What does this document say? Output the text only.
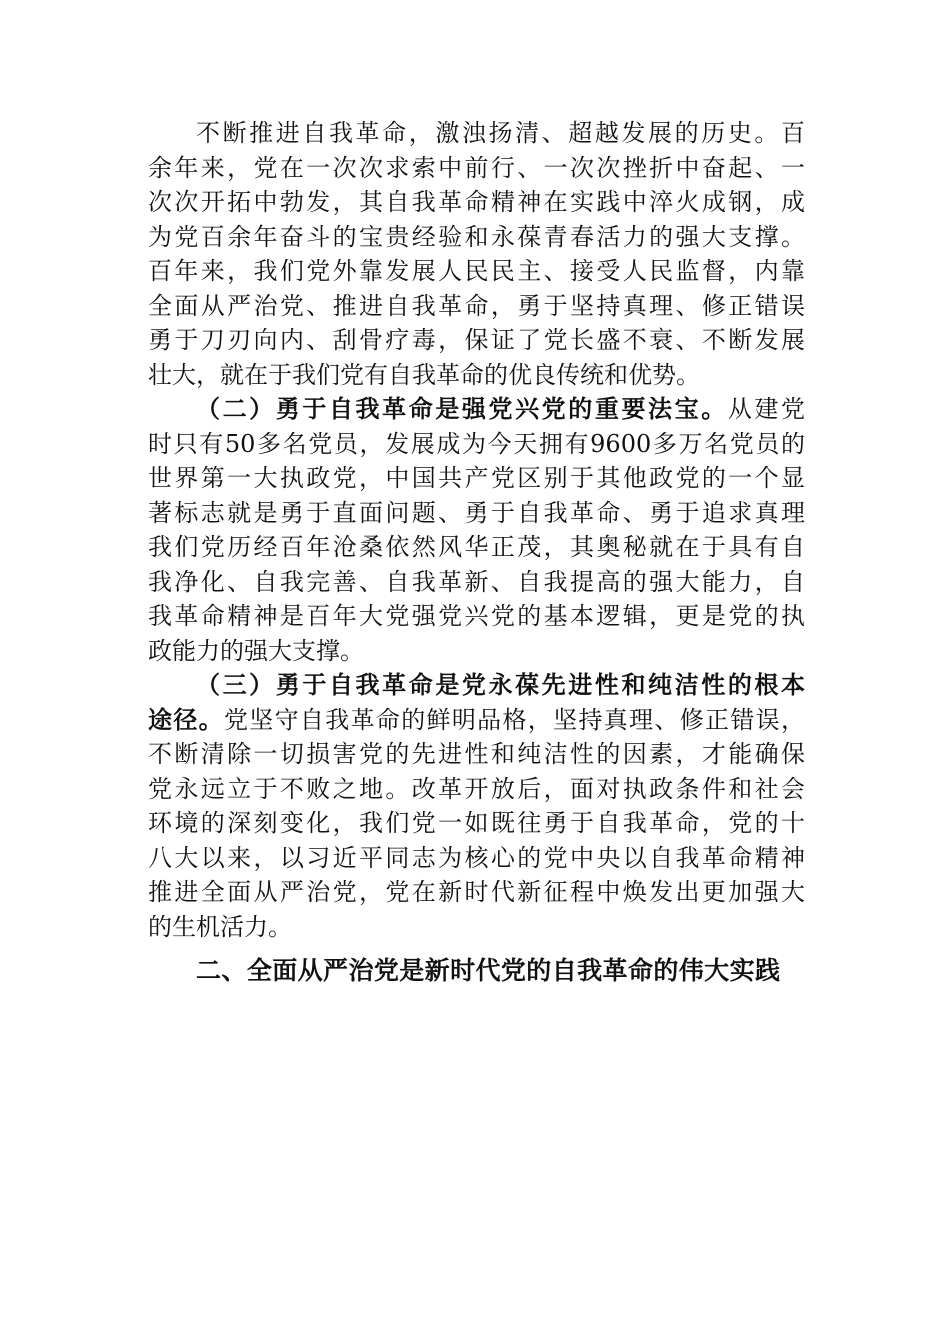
不断推进自我革命，激浊扬清、超越发展的历史。百
余年来，党在一次次求索中前行、一次次挫折中奋起、一
次次开拓中勃发，其自我革命精神在实践中淬火成钢，成
为党百余年奋斗的宝贵经验和永葆青春活力的强大支撑。
百年来，我们党外靠发展人民民主、接受人民监督，内靠
全面从严治党、推进自我革命，勇于坚持真理、修正错误
勇于刀刃向内、刮骨疗毒，保证了党长盛不衰、不断发展
壮大，就在于我们党有自我革命的优良传统和优势。
（二）勇于自我革命是强党兴党的重要法宝。从建党
时只有50多名党员，发展成为今天拥有9600多万名党员的
世界第一大执政党，中国共产党区别于其他政党的一个显
著标志就是勇于直面问题、勇于自我革命、勇于追求真理
我们党历经百年沧桑依然风华正茂，其奥秘就在于具有自
我净化、自我完善、自我革新、自我提高的强大能力，自
我革命精神是百年大党强党兴党的基本逻辑，更是党的执
政能力的强大支撑。
（三）勇于自我革命是党永葆先进性和纯洁性的根本
途径。党坚守自我革命的鲜明品格，坚持真理、修正错误，
不断清除一切损害党的先进性和纯洁性的因素，才能确保
党永远立于不败之地。改革开放后，面对执政条件和社会
环境的深刻变化，我们党一如既往勇于自我革命，党的十
八大以来，以习近平同志为核心的党中央以自我革命精神
推进全面从严治党，党在新时代新征程中焕发出更加强大
的生机活力。
二、全面从严治党是新时代党的自我革命的伟大实践
